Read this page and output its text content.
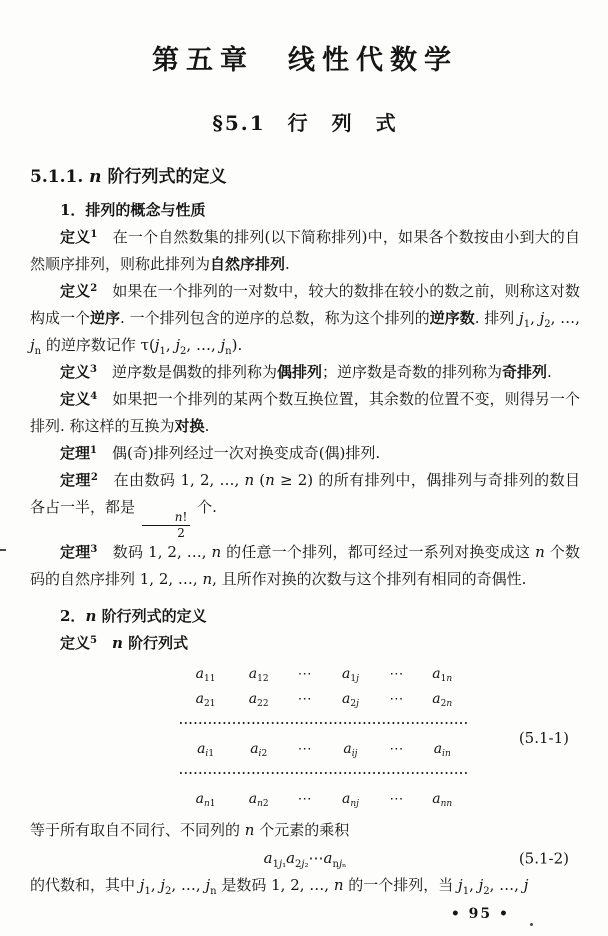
第五章　线性代数学
§5.1　行　列　式
5.1.1. n 阶行列式的定义

1．排列的概念与性质

定义$^1$　在一个自然数集的排列(以下简称排列)中，如果各个数按由小到大的自然顺序排列，则称此排列为自然序排列.

定义$^2$　如果在一个排列的一对数中，较大的数排在较小的数之前，则称这对数构成一个逆序. 一个排列包含的逆序的总数，称为这个排列的逆序数. 排列 $j_1$, $j_2$, …, $j_n$ 的逆序数记作 $\tau(j_1$, $j_2$, …, $j_n$).

定义$^3$　逆序数是偶数的排列称为偶排列；逆序数是奇数的排列称为奇排列.

定义$^4$　如果把一个排列的某两个数互换位置，其余数的位置不变，则得另一个排列. 称这样的互换为对换.

定理$^1$　偶(奇)排列经过一次对换变成奇(偶)排列.

定理$^2$　在由数码 1, 2, …, n (n ≥ 2) 的所有排列中，偶排列与奇排列的数目各占一半，都是
$\frac{n!}{2}$
个.

定理$^3$　数码 1, 2, …, n 的任意一个排列，都可经过一系列对换变成这 n 个数码的自然序排列 1, 2, …, n, 且所作对换的次数与这个排列有相同的奇偶性.

2．n 阶行列式的定义

定义$^5$　 n 阶行列式

$a_{11}$	$a_{12}$	⋯	$a_{1j}$	⋯	$a_{1n}$
$a_{21}$	$a_{22}$	⋯	$a_{2j}$	⋯	$a_{2n}$
····························································
$a_{i1}$	$a_{i2}$	⋯	$a_{ij}$	⋯	$a_{in}$
····························································
$a_{n1}$	$a_{n2}$	⋯	$a_{nj}$	⋯	$a_{nn}$
(5.1-1)

等于所有取自不同行、不同列的 n 个元素的乘积

$a_{1j_1}a_{2j_2}\cdots a_{nj_n}$	(5.1-2)

的代数和，其中 $j_1$, $j_2$, …, $j_n$ 是数码 1, 2, …, n 的一个排列，当 $j_1$, $j_2$, …, j

• 95 •
